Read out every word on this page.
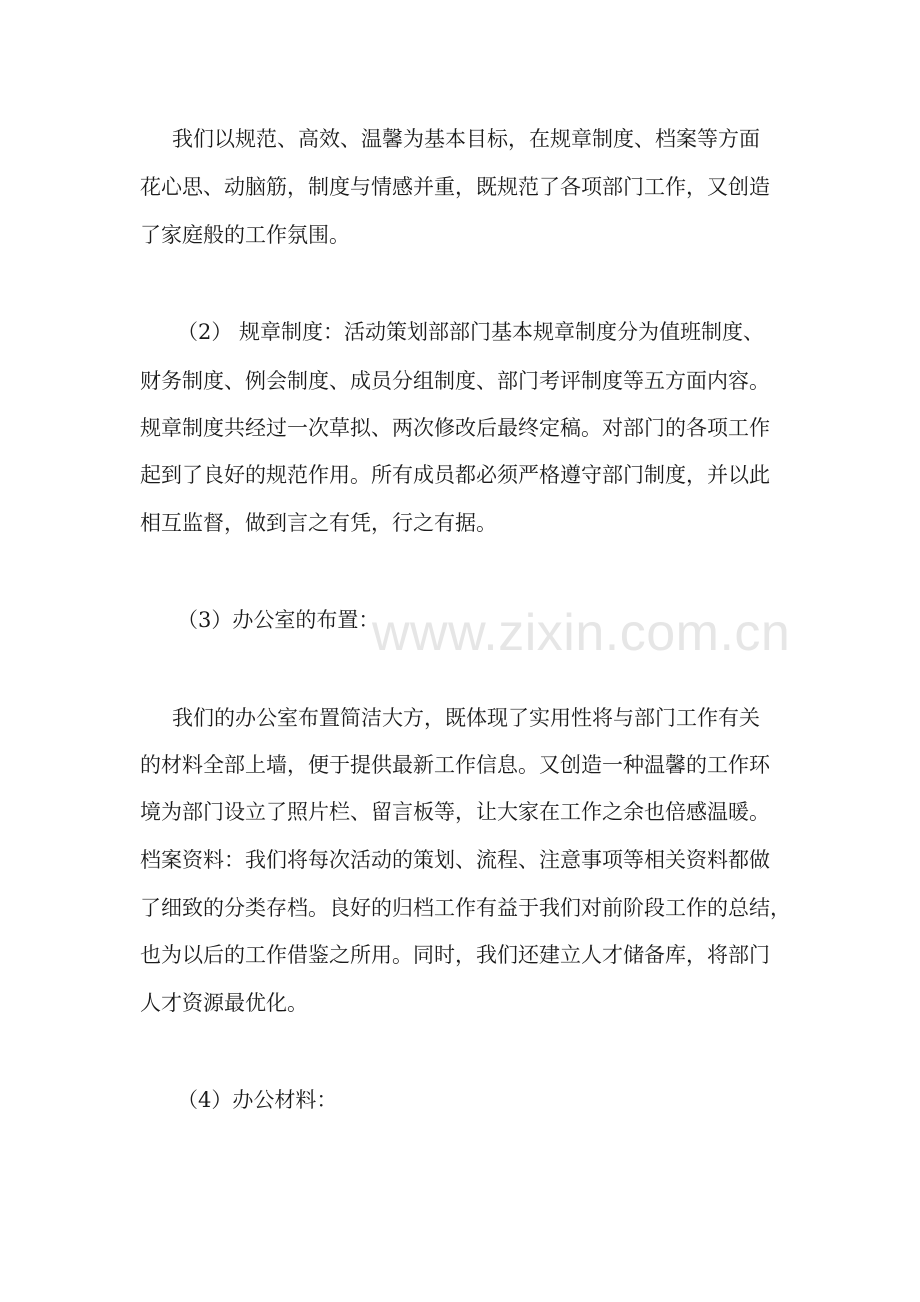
我们以规范、高效、温馨为基本目标，在规章制度、档案等方面
花心思、动脑筋，制度与情感并重，既规范了各项部门工作，又创造
了家庭般的工作氛围。
（2） 规章制度：活动策划部部门基本规章制度分为值班制度、
财务制度、例会制度、成员分组制度、部门考评制度等五方面内容。
规章制度共经过一次草拟、两次修改后最终定稿。对部门的各项工作
起到了良好的规范作用。所有成员都必须严格遵守部门制度，并以此
相互监督，做到言之有凭，行之有据。
（3）办公室的布置：
www.zixin.com.cn
我们的办公室布置简洁大方，既体现了实用性将与部门工作有关
的材料全部上墙，便于提供最新工作信息。又创造一种温馨的工作环
境为部门设立了照片栏、留言板等，让大家在工作之余也倍感温暖。
档案资料：我们将每次活动的策划、流程、注意事项等相关资料都做
了细致的分类存档。良好的归档工作有益于我们对前阶段工作的总结，
也为以后的工作借鉴之所用。同时，我们还建立人才储备库，将部门
人才资源最优化。
（4）办公材料：
